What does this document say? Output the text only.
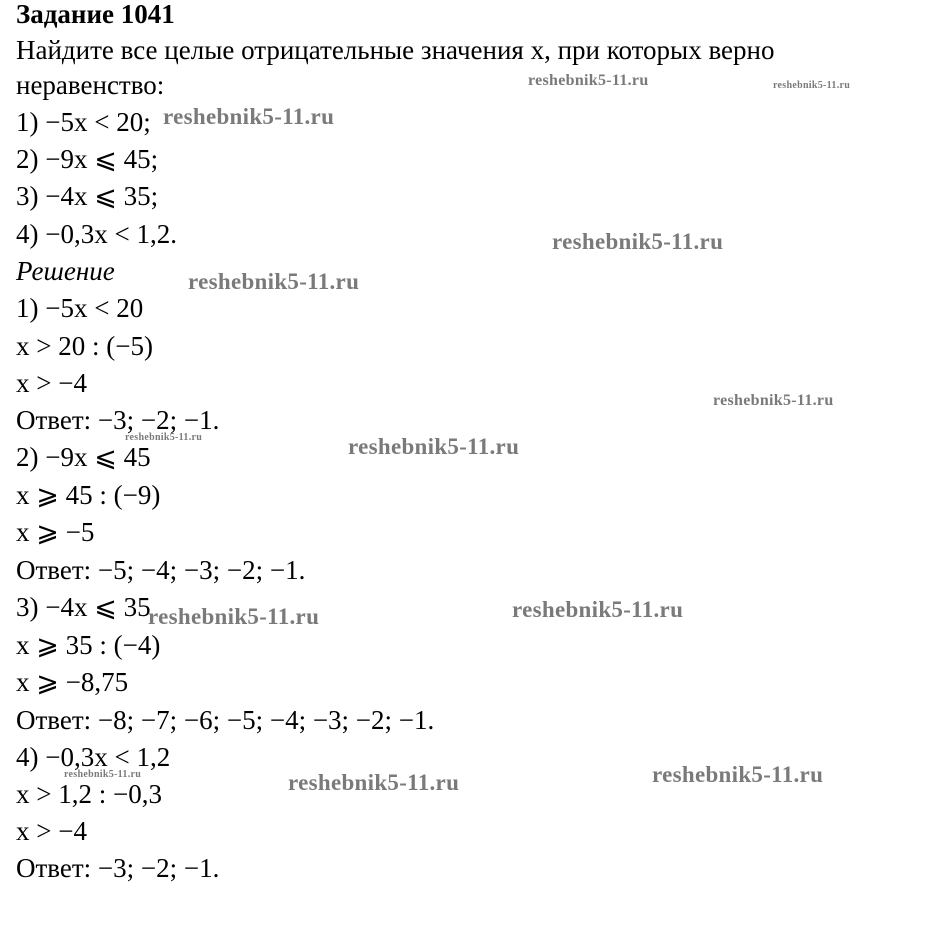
Задание 1041
Найдите все целые отрицательные значения x, при которых верно
неравенство:
1) −5x < 20;
2) −9x ⩽ 45;
3) −4x ⩽ 35;
4) −0,3x < 1,2.
Решение
1) −5x < 20
x > 20 : (−5)
x > −4
Ответ: −3; −2; −1.
2) −9x ⩽ 45
x ⩾ 45 : (−9)
x ⩾ −5
Ответ: −5; −4; −3; −2; −1.
3) −4x ⩽ 35
x ⩾ 35 : (−4)
x ⩾ −8,75
Ответ: −8; −7; −6; −5; −4; −3; −2; −1.
4) −0,3x < 1,2
x > 1,2 : −0,3
x > −4
Ответ: −3; −2; −1.
reshebnik5-11.ru	reshebnik5-11.ru
reshebnik5-11.ru
reshebnik5-11.ru
reshebnik5-11.ru
reshebnik5-11.ru
reshebnik5-11.ru	reshebnik5-11.ru
reshebnik5-11.ru	reshebnik5-11.ru
reshebnik5-11.ru	reshebnik5-11.ru
reshebnik5-11.ru
